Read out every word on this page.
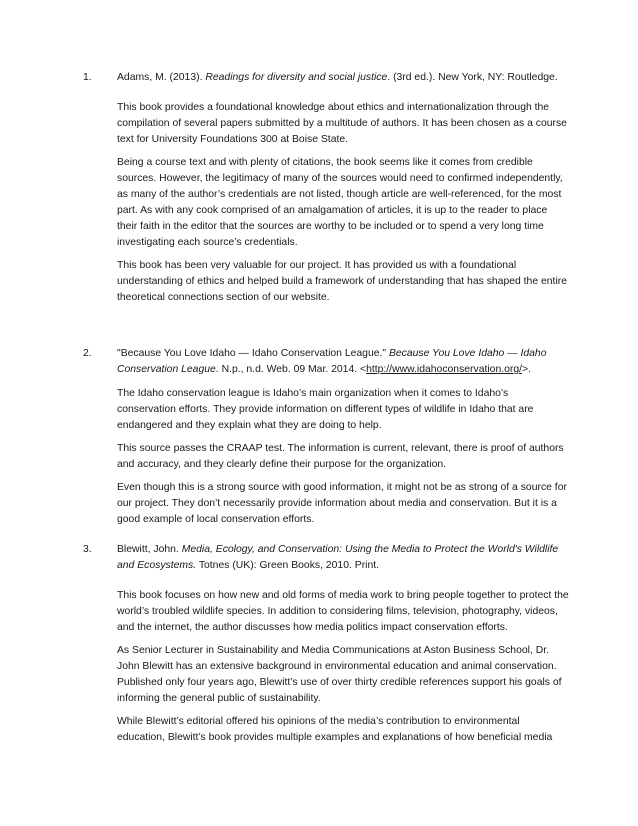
1. Adams, M. (2013). Readings for diversity and social justice. (3rd ed.). New York, NY: Routledge.

This book provides a foundational knowledge about ethics and internationalization through the compilation of several papers submitted by a multitude of authors. It has been chosen as a course text for University Foundations 300 at Boise State.

Being a course text and with plenty of citations, the book seems like it comes from credible sources. However, the legitimacy of many of the sources would need to confirmed independently, as many of the author’s credentials are not listed, though article are well-referenced, for the most part. As with any cook comprised of an amalgamation of articles, it is up to the reader to place their faith in the editor that the sources are worthy to be included or to spend a very long time investigating each source’s credentials.

This book has been very valuable for our project. It has provided us with a foundational understanding of ethics and helped build a framework of understanding that has shaped the entire theoretical connections section of our website.

2. "Because You Love Idaho — Idaho Conservation League." Because You Love Idaho — Idaho Conservation League. N.p., n.d. Web. 09 Mar. 2014. <http://www.idahoconservation.org/>.

The Idaho conservation league is Idaho’s main organization when it comes to Idaho’s conservation efforts. They provide information on different types of wildlife in Idaho that are endangered and they explain what they are doing to help.

This source passes the CRAAP test. The information is current, relevant, there is proof of authors and accuracy, and they clearly define their purpose for the organization.

Even though this is a strong source with good information, it might not be as strong of a source for our project. They don’t necessarily provide information about media and conservation. But it is a good example of local conservation efforts.

3. Blewitt, John. Media, Ecology, and Conservation: Using the Media to Protect the World's Wildlife and Ecosystems. Totnes (UK): Green Books, 2010. Print.

This book focuses on how new and old forms of media work to bring people together to protect the world’s troubled wildlife species. In addition to considering films, television, photography, videos, and the internet, the author discusses how media politics impact conservation efforts.

As Senior Lecturer in Sustainability and Media Communications at Aston Business School, Dr. John Blewitt has an extensive background in environmental education and animal conservation. Published only four years ago, Blewitt’s use of over thirty credible references support his goals of informing the general public of sustainability.

While Blewitt’s editorial offered his opinions of the media’s contribution to environmental education, Blewitt’s book provides multiple examples and explanations of how beneficial media
